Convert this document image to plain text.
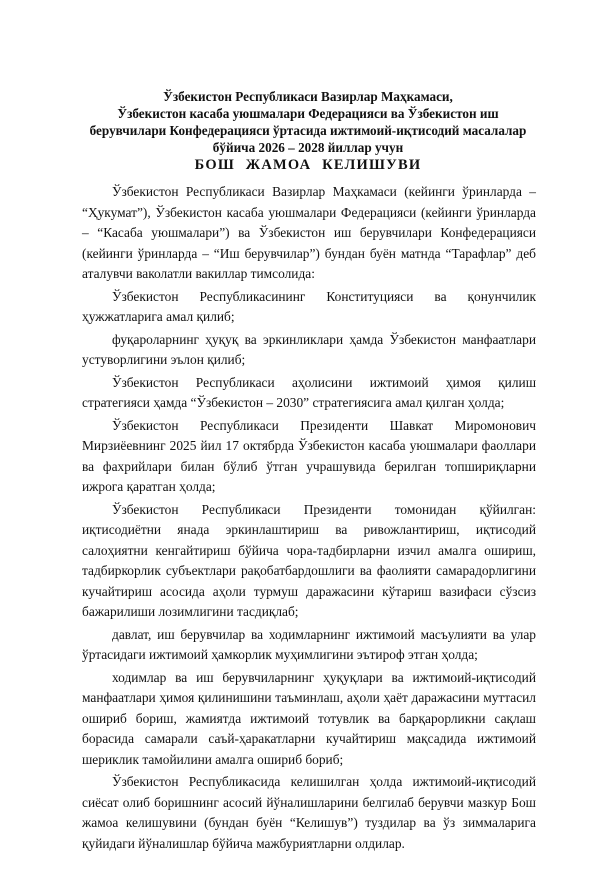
Ўзбекистон Республикаси Вазирлар Маҳкамаси,
Ўзбекистон касаба уюшмалари Федерацияси ва Ўзбекистон иш
берувчилари Конфедерацияси ўртасида ижтимоий-иқтисодий масалалар
бўйича 2026 – 2028 йиллар учун
БОШ ЖАМОА КЕЛИШУВИ

Ўзбекистон Республикаси Вазирлар Маҳкамаси (кейинги ўринларда – “Ҳукумат”), Ўзбекистон касаба уюшмалари Федерацияси (кейинги ўринларда – “Касаба уюшмалари”) ва Ўзбекистон иш берувчилари Конфедерацияси (кейинги ўринларда – “Иш берувчилар”) бундан буён матнда “Тарафлар” деб аталувчи ваколатли вакиллар тимсолида:

Ўзбекистон Республикасининг Конституцияси ва қонунчилик ҳужжатларига амал қилиб;

фуқароларнинг ҳуқуқ ва эркинликлари ҳамда Ўзбекистон манфаатлари устуворлигини эълон қилиб;

Ўзбекистон Республикаси аҳолисини ижтимоий ҳимоя қилиш стратегияси ҳамда “Ўзбекистон – 2030” стратегиясига амал қилган ҳолда;

Ўзбекистон Республикаси Президенти Шавкат Миромонович Мирзиёевнинг 2025 йил 17 октябрда Ўзбекистон касаба уюшмалари фаоллари ва фахрийлари билан бўлиб ўтган учрашувида берилган топшириқларни ижрога қаратган ҳолда;

Ўзбекистон Республикаси Президенти томонидан қўйилган: иқтисодиётни янада эркинлаштириш ва ривожлантириш, иқтисодий салоҳиятни кенгайтириш бўйича чора-тадбирларни изчил амалга ошириш, тадбиркорлик субъектлари рақобатбардошлиги ва фаолияти самарадорлигини кучайтириш асосида аҳоли турмуш даражасини кўтариш вазифаси сўзсиз бажарилиши лозимлигини тасдиқлаб;

давлат, иш берувчилар ва ходимларнинг ижтимоий масъулияти ва улар ўртасидаги ижтимоий ҳамкорлик муҳимлигини эътироф этган ҳолда;

ходимлар ва иш берувчиларнинг ҳуқуқлари ва ижтимоий-иқтисодий манфаатлари ҳимоя қилинишини таъминлаш, аҳоли ҳаёт даражасини муттасил ошириб бориш, жамиятда ижтимоий тотувлик ва барқарорликни сақлаш борасида самарали саъй-ҳаракатларни кучайтириш мақсадида ижтимоий шериклик тамойилини амалга ошириб бориб;

Ўзбекистон Республикасида келишилган ҳолда ижтимоий-иқтисодий сиёсат олиб боришнинг асосий йўналишларини белгилаб берувчи мазкур Бош жамоа келишувини (бундан буён “Келишув”) туздилар ва ўз зиммаларига қуйидаги йўналишлар бўйича мажбуриятларни олдилар.
